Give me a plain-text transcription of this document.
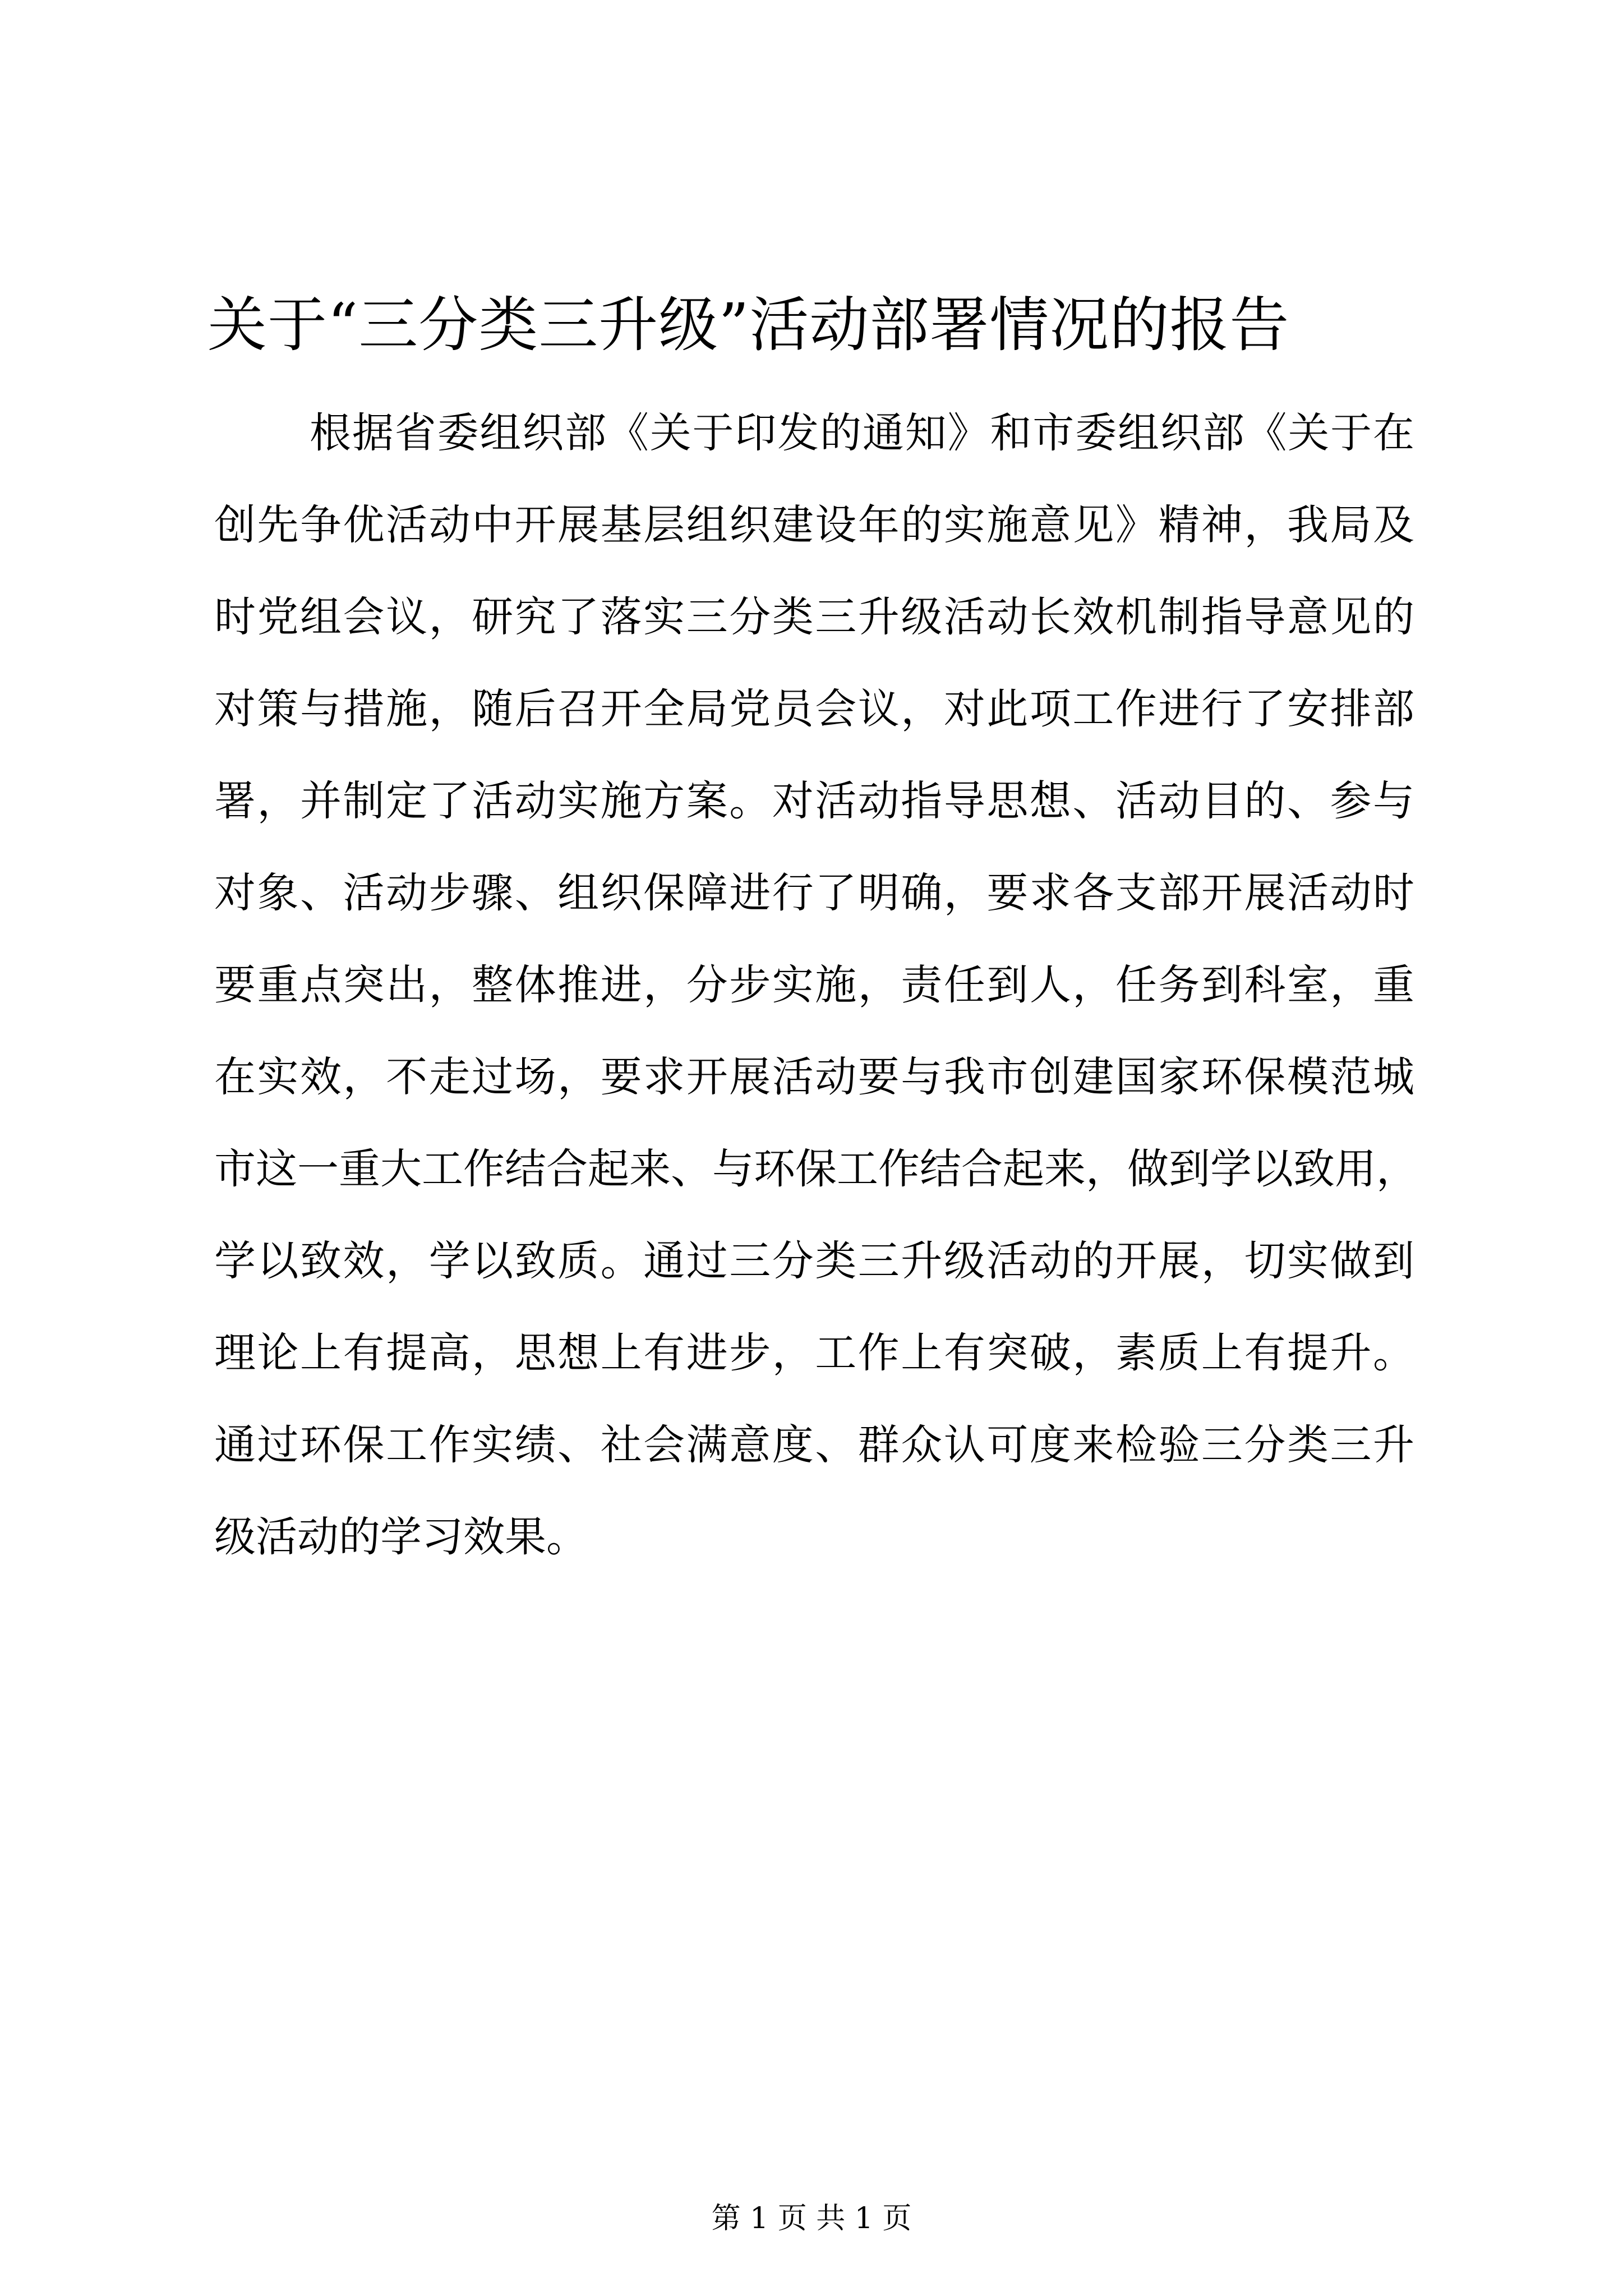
关于“三分类三升级”活动部署情况的报告
根据省委组织部《关于印发的通知》和市委组织部《关于在
创先争优活动中开展基层组织建设年的实施意见》精神，我局及
时党组会议，研究了落实三分类三升级活动长效机制指导意见的
对策与措施，随后召开全局党员会议，对此项工作进行了安排部
署，并制定了活动实施方案。对活动指导思想、活动目的、参与
对象、活动步骤、组织保障进行了明确，要求各支部开展活动时
要重点突出，整体推进，分步实施，责任到人，任务到科室，重
在实效，不走过场，要求开展活动要与我市创建国家环保模范城
市这一重大工作结合起来、与环保工作结合起来，做到学以致用，
学以致效，学以致质。通过三分类三升级活动的开展，切实做到
理论上有提高，思想上有进步，工作上有突破，素质上有提升。
通过环保工作实绩、社会满意度、群众认可度来检验三分类三升
级活动的学习效果。
第 1 页 共 1 页
